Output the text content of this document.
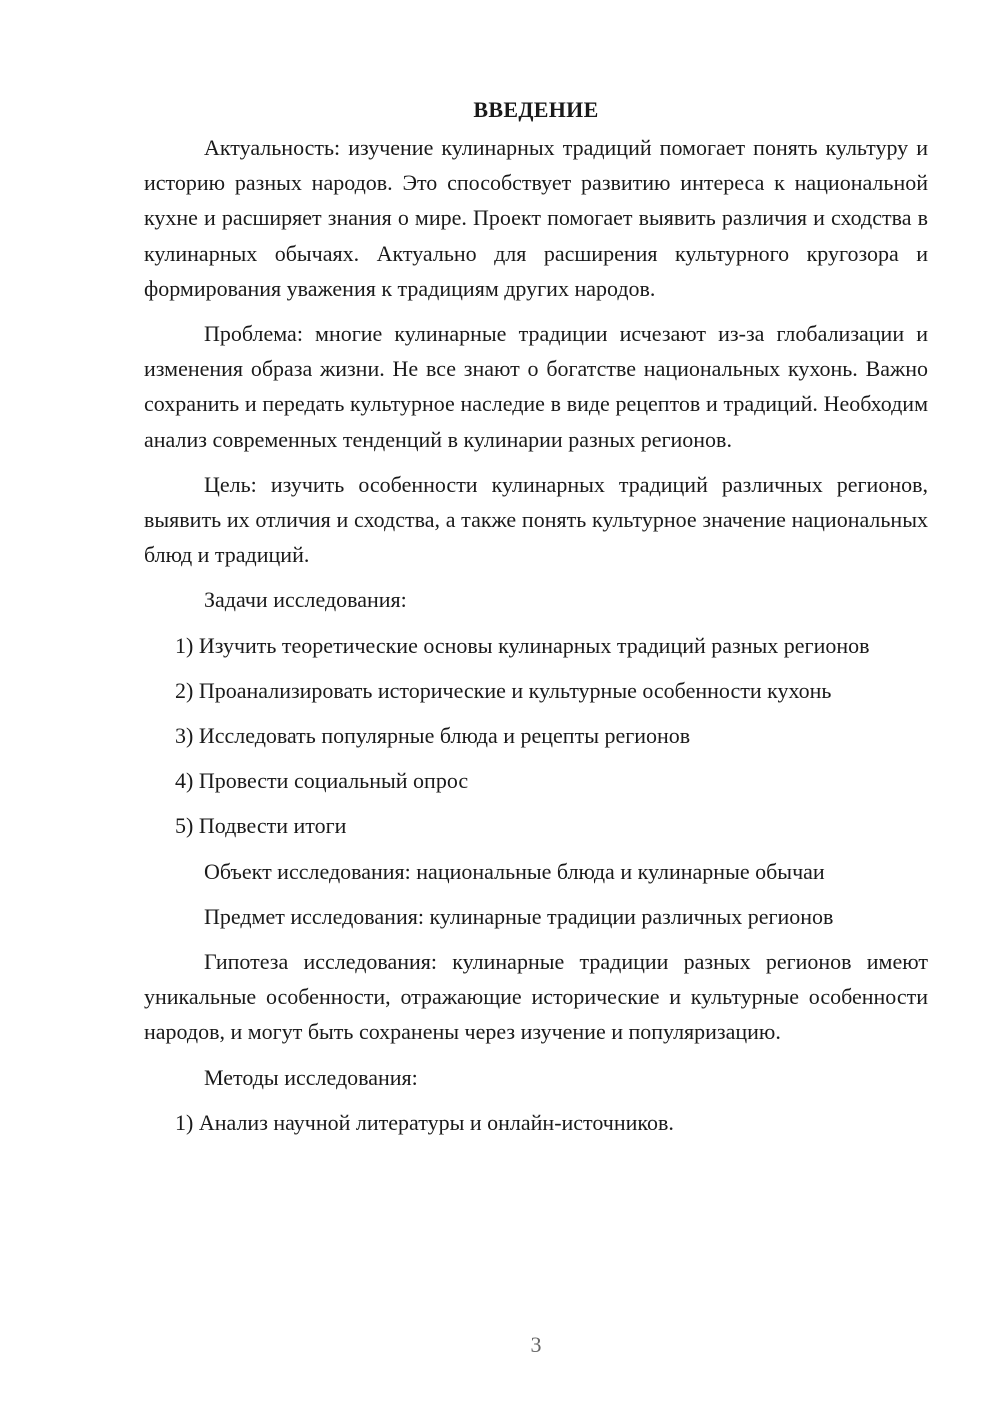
ВВЕДЕНИЕ

Актуальность: изучение кулинарных традиций помогает понять культуру и историю разных народов. Это способствует развитию интереса к национальной кухне и расширяет знания о мире. Проект помогает выявить различия и сходства в кулинарных обычаях. Актуально для расширения культурного кругозора и формирования уважения к традициям других народов.

Проблема: многие кулинарные традиции исчезают из-за глобализации и изменения образа жизни. Не все знают о богатстве национальных кухонь. Важно сохранить и передать культурное наследие в виде рецептов и традиций. Необходим анализ современных тенденций в кулинарии разных регионов.

Цель: изучить особенности кулинарных традиций различных регионов, выявить их отличия и сходства, а также понять культурное значение национальных блюд и традиций.

Задачи исследования:

1) Изучить теоретические основы кулинарных традиций разных регионов

2) Проанализировать исторические и культурные особенности кухонь

3) Исследовать популярные блюда и рецепты регионов

4) Провести социальный опрос

5) Подвести итоги

Объект исследования: национальные блюда и кулинарные обычаи

Предмет исследования: кулинарные традиции различных регионов

Гипотеза исследования: кулинарные традиции разных регионов имеют уникальные особенности, отражающие исторические и культурные особенности народов, и могут быть сохранены через изучение и популяризацию.

Методы исследования:

1) Анализ научной литературы и онлайн-источников.

3
